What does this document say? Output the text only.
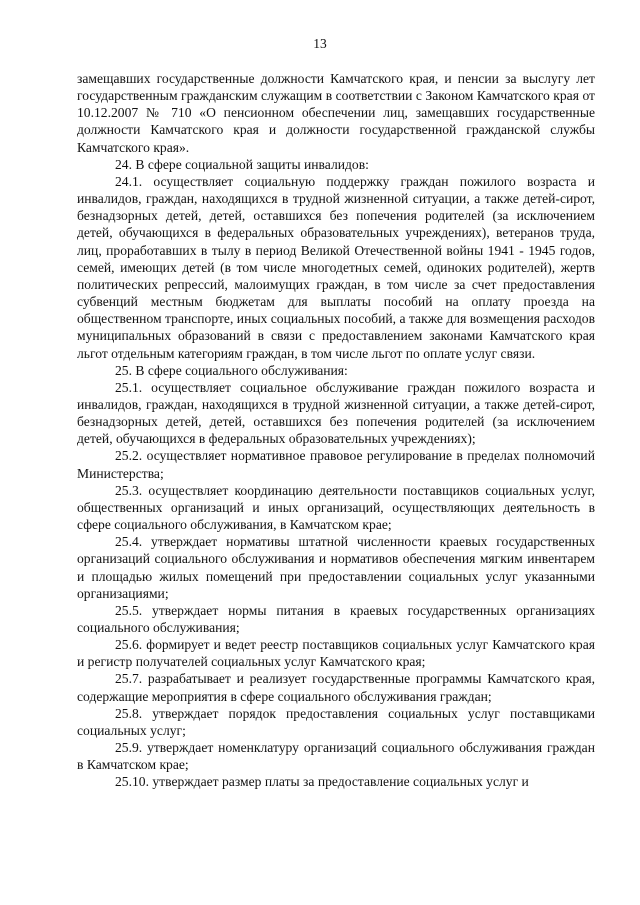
13

замещавших государственные должности Камчатского края, и пенсии за выслугу лет государственным гражданским служащим в соответствии с Законом Камчатского края от 10.12.2007 № 710 «О пенсионном обеспечении лиц, замещавших государственные должности Камчатского края и должности государственной гражданской службы Камчатского края».

24. В сфере социальной защиты инвалидов:

24.1. осуществляет социальную поддержку граждан пожилого возраста и инвалидов, граждан, находящихся в трудной жизненной ситуации, а также детей-сирот, безнадзорных детей, детей, оставшихся без попечения родителей (за исключением детей, обучающихся в федеральных образовательных учреждениях), ветеранов труда, лиц, проработавших в тылу в период Великой Отечественной войны 1941 - 1945 годов, семей, имеющих детей (в том числе многодетных семей, одиноких родителей), жертв политических репрессий, малоимущих граждан, в том числе за счет предоставления субвенций местным бюджетам для выплаты пособий на оплату проезда на общественном транспорте, иных социальных пособий, а также для возмещения расходов муниципальных образований в связи с предоставлением законами Камчатского края льгот отдельным категориям граждан, в том числе льгот по оплате услуг связи.

25. В сфере социального обслуживания:

25.1. осуществляет социальное обслуживание граждан пожилого возраста и инвалидов, граждан, находящихся в трудной жизненной ситуации, а также детей-сирот, безнадзорных детей, детей, оставшихся без попечения родителей (за исключением детей, обучающихся в федеральных образовательных учреждениях);

25.2. осуществляет нормативное правовое регулирование в пределах полномочий Министерства;

25.3. осуществляет координацию деятельности поставщиков социальных услуг, общественных организаций и иных организаций, осуществляющих деятельность в сфере социального обслуживания, в Камчатском крае;

25.4. утверждает нормативы штатной численности краевых государственных организаций социального обслуживания и нормативов обеспечения мягким инвентарем и площадью жилых помещений при предоставлении социальных услуг указанными организациями;

25.5. утверждает нормы питания в краевых государственных организациях социального обслуживания;

25.6. формирует и ведет реестр поставщиков социальных услуг Камчатского края и регистр получателей социальных услуг Камчатского края;

25.7. разрабатывает и реализует государственные программы Камчатского края, содержащие мероприятия в сфере социального обслуживания граждан;

25.8. утверждает порядок предоставления социальных услуг поставщиками социальных услуг;

25.9. утверждает номенклатуру организаций социального обслуживания граждан в Камчатском крае;

25.10. утверждает размер платы за предоставление социальных услуг и
